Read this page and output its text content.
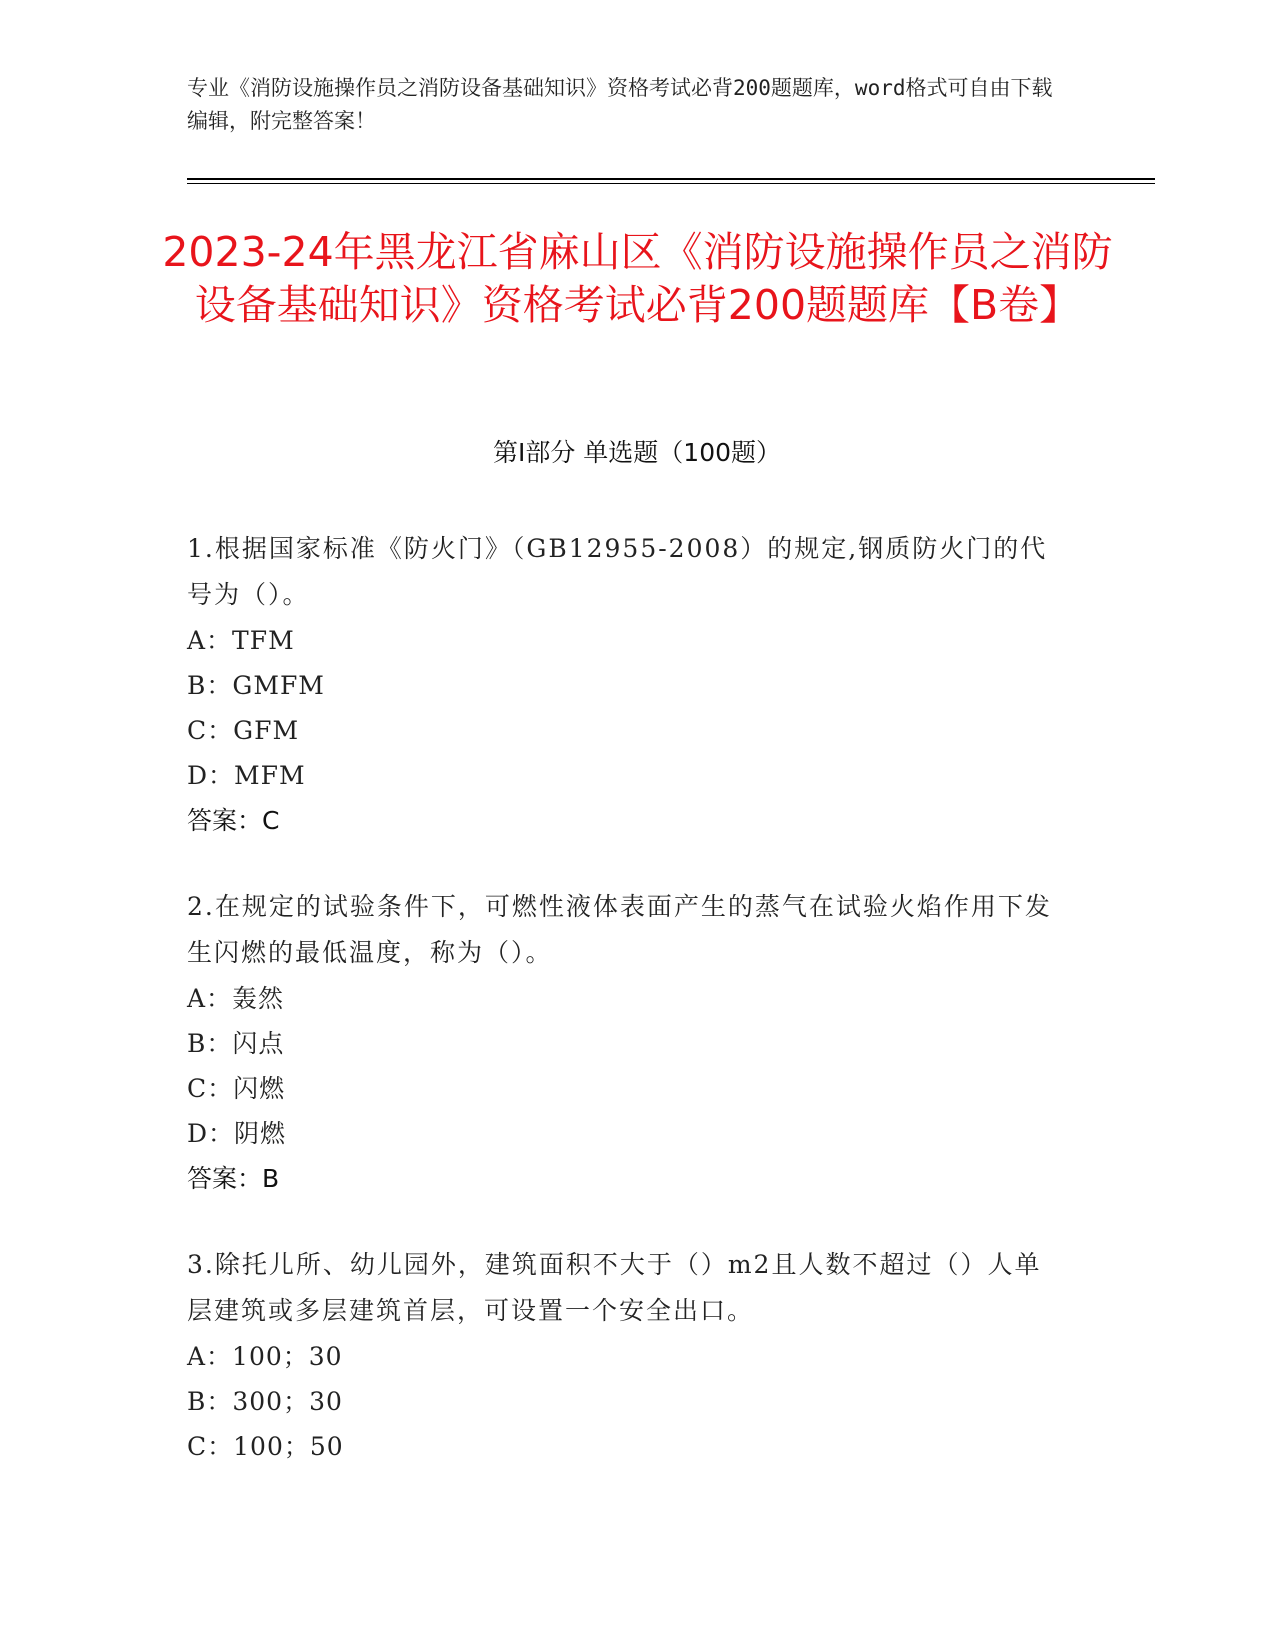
专业《消防设施操作员之消防设备基础知识》资格考试必背200题题库，word格式可自由下载编辑，附完整答案！
2023-24年黑龙江省麻山区《消防设施操作员之消防设备基础知识》资格考试必背200题题库【B卷】
第I部分 单选题（100题）
1.根据国家标准《防火门》（GB12955-2008）的规定,钢质防火门的代号为（）。
A：TFM
B：GMFM
C：GFM
D：MFM
答案：C
2.在规定的试验条件下，可燃性液体表面产生的蒸气在试验火焰作用下发生闪燃的最低温度，称为（）。
A：轰然
B：闪点
C：闪燃
D：阴燃
答案：B
3.除托儿所、幼儿园外，建筑面积不大于（）m2且人数不超过（）人单层建筑或多层建筑首层，可设置一个安全出口。
A：100；30
B：300；30
C：100；50
